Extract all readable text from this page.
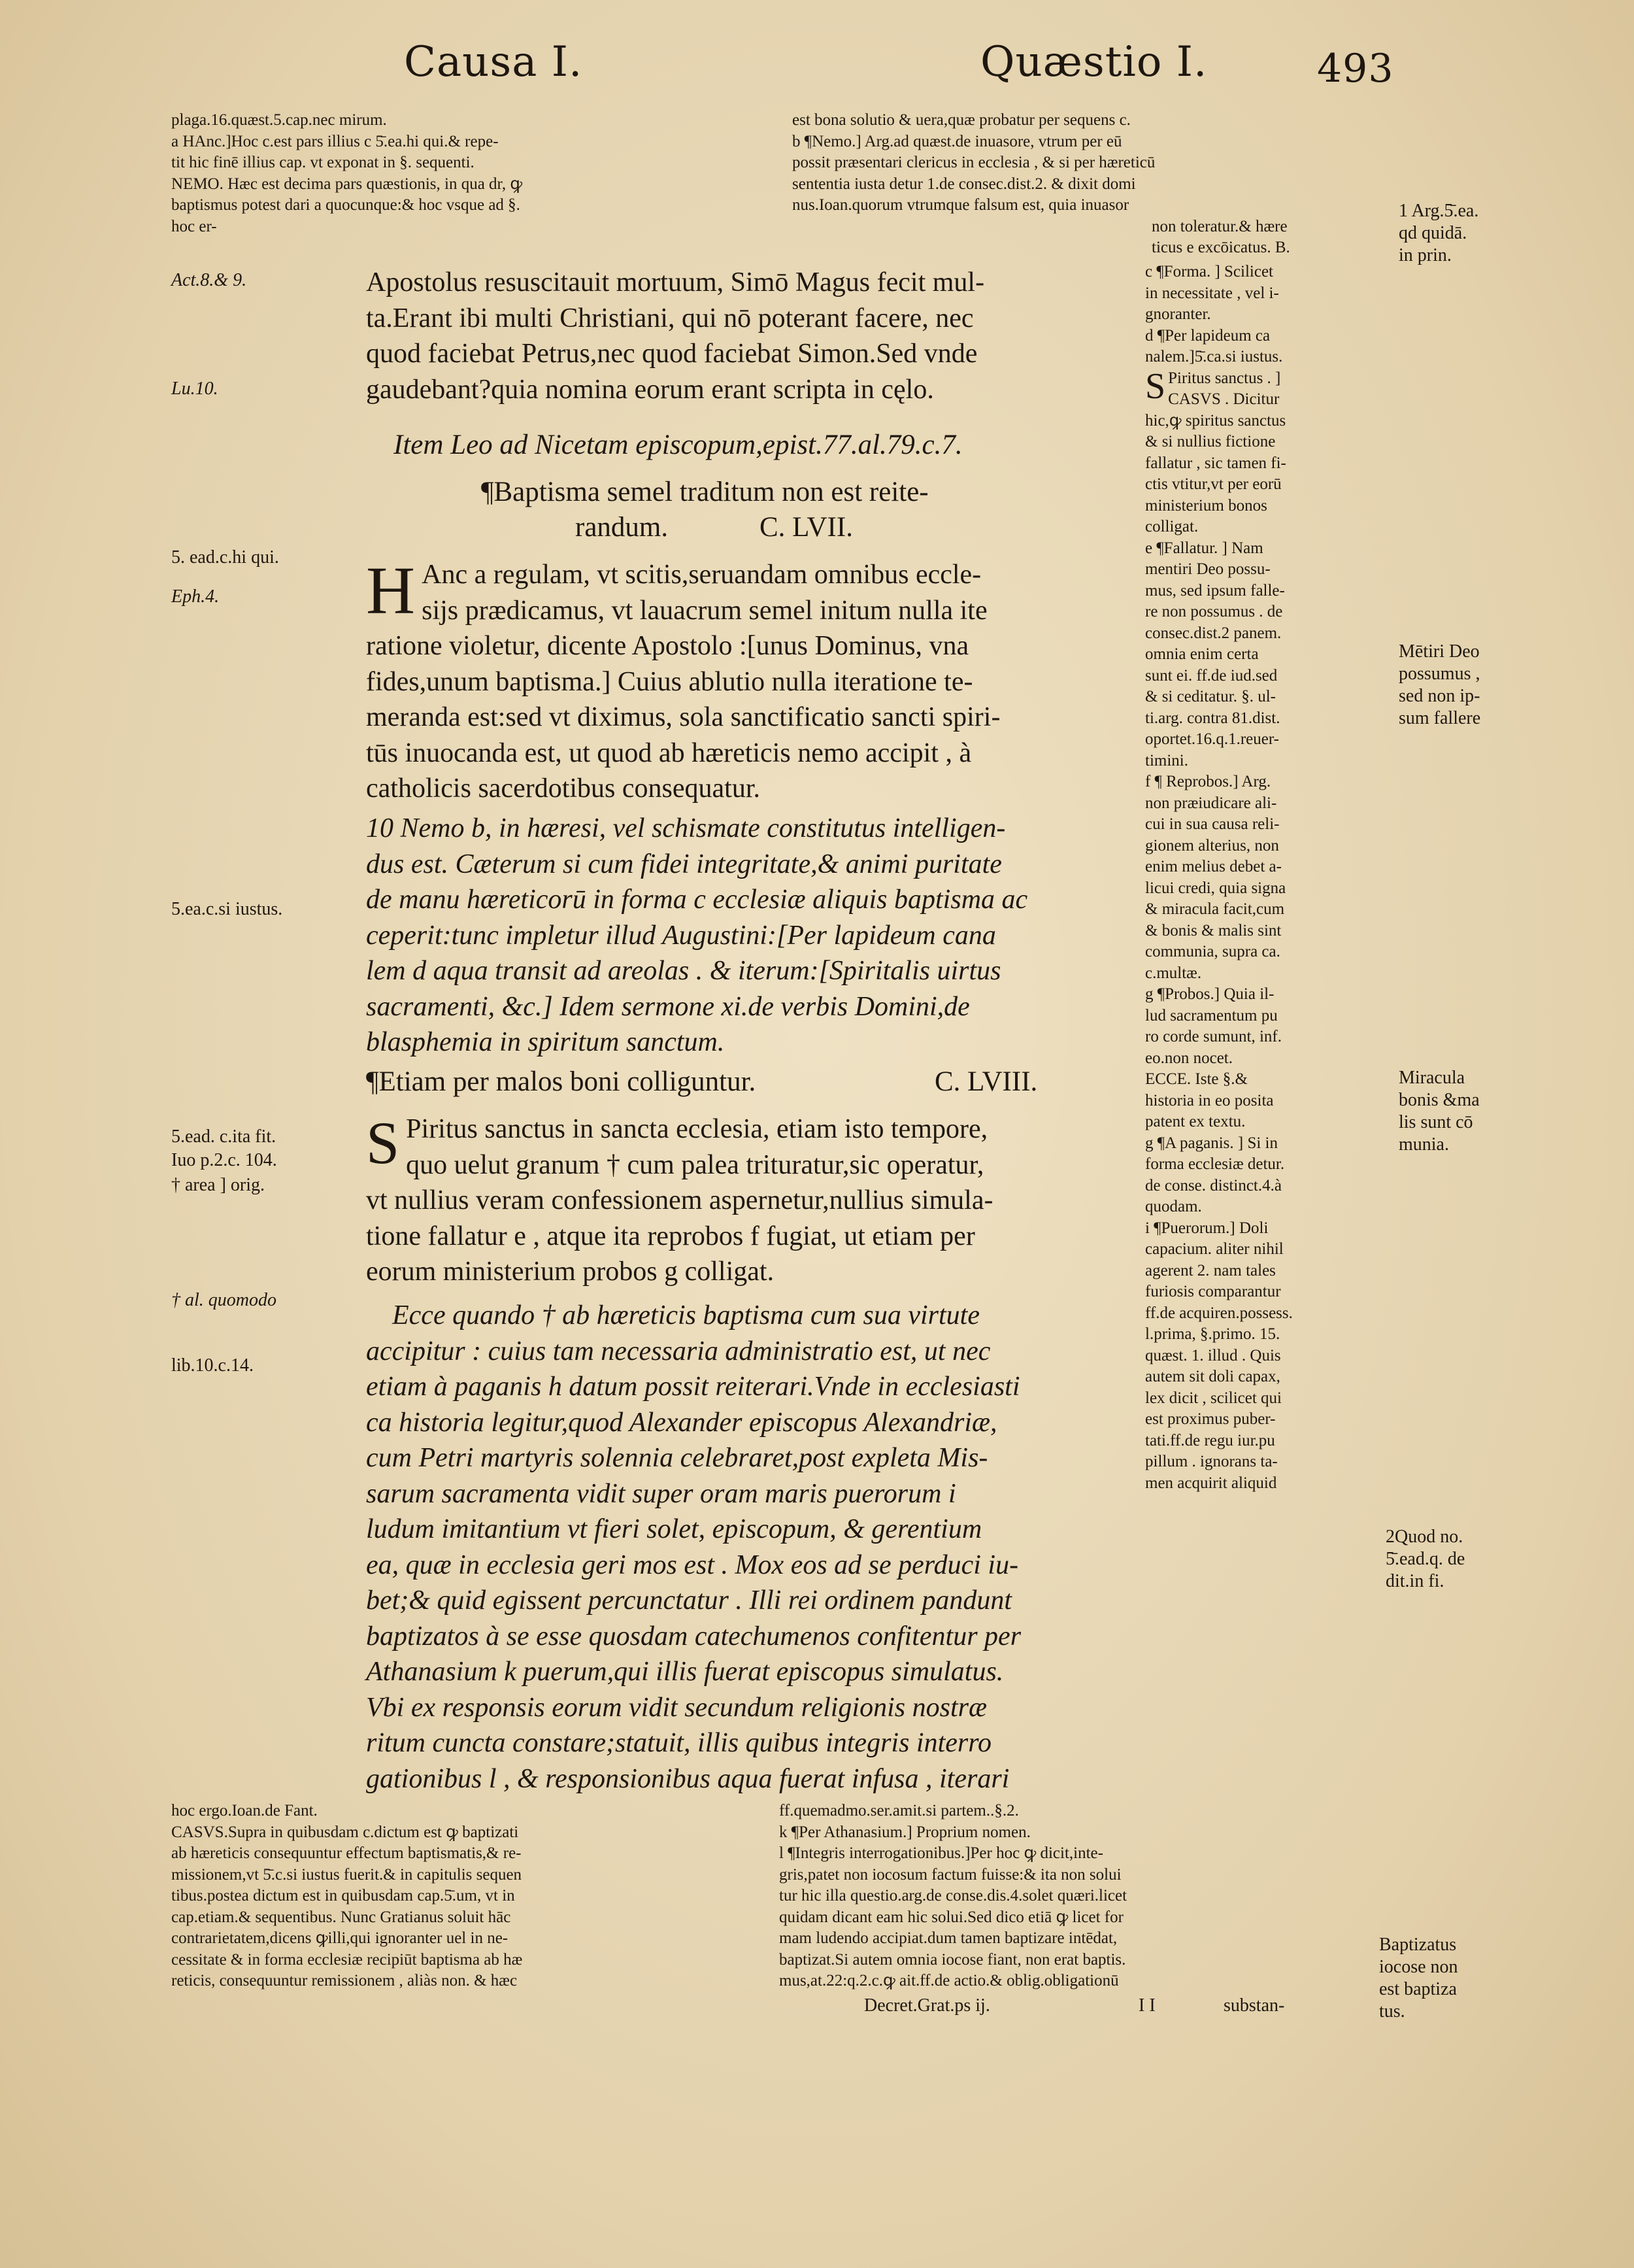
Causa I.	Quæstio I.	493

plaga.16.quæst.5.cap.nec mirum.

a HAnc.]Hoc c.est pars illius c 5̄.ea.hi qui.& repe-

tit hic finē illius cap. vt exponat in §. sequenti.

NEMO. Hæc est decima pars quæstionis, in qua dr, ꝙ

baptismus potest dari a quocunque:& hoc vsque ad §.

hoc er-

est bona solutio & uera,quæ probatur per sequens c.

b ¶Nemo.] Arg.ad quæst.de inuasore, vtrum per eū

possit præsentari clericus in ecclesia , & si per hæreticū

sententia iusta detur 1.de consec.dist.2. & dixit domi

nus.Ioan.quorum vtrumque falsum est, quia inuasor

non toleratur.& hære

ticus e excōicatus. B.

Act.8.& 9.
Lu.10.
5. ead.c.hi qui.
Eph.4.
5.ea.c.si iustus.
5.ead. c.ita fit.
Iuo p.2.c. 104.
† area ] orig.
† al. quomodo
lib.10.c.14.

Apostolus resuscitauit mortuum, Simō Magus fecit mul-

ta.Erant ibi multi Christiani, qui nō poterant facere, nec

quod faciebat Petrus,nec quod faciebat Simon.Sed vnde

gaudebant?quia nomina eorum erant scripta in cęlo.

Item Leo ad Nicetam episcopum,epist.77.al.79.c.7.
¶Baptisma semel traditum non est reite-
randum.	C. LVII.
H Anc a regulam, vt scitis,seruandam omnibus eccle-

sijs prædicamus, vt lauacrum semel initum nulla ite

ratione violetur, dicente Apostolo :[unus Dominus, vna

fides,unum baptisma.] Cuius ablutio nulla iteratione te-

meranda est:sed vt diximus, sola sanctificatio sancti spiri-

tūs inuocanda est, ut quod ab hæreticis nemo accipit , à

catholicis sacerdotibus consequatur.

10 Nemo b, in hæresi, vel schismate constitutus intelligen-

dus est. Cæterum si cum fidei integritate,& animi puritate

de manu hæreticorū in forma c ecclesiæ aliquis baptisma ac

ceperit:tunc impletur illud Augustini:[Per lapideum cana

lem d aqua transit ad areolas . & iterum:[Spiritalis uirtus

sacramenti, &c.] Idem sermone xi.de verbis Domini,de

blasphemia in spiritum sanctum.

¶Etiam per malos boni colliguntur.	C. LVIII.
S Piritus sanctus in sancta ecclesia, etiam isto tempore,

quo uelut granum † cum palea trituratur,sic operatur,

vt nullius veram confessionem aspernetur,nullius simula-

tione fallatur e , atque ita reprobos f fugiat, ut etiam per

eorum ministerium probos g colligat.

Ecce quando † ab hæreticis baptisma cum sua virtute

accipitur : cuius tam necessaria administratio est, ut nec

etiam à paganis h datum possit reiterari.Vnde in ecclesiasti

ca historia legitur,quod Alexander episcopus Alexandriæ,

cum Petri martyris solennia celebraret,post expleta Mis-

sarum sacramenta vidit super oram maris puerorum i

ludum imitantium vt fieri solet, episcopum, & gerentium

ea, quæ in ecclesia geri mos est . Mox eos ad se perduci iu-

bet;& quid egissent percunctatur . Illi rei ordinem pandunt

baptizatos à se esse quosdam catechumenos confitentur per

Athanasium k puerum,qui illis fuerat episcopus simulatus.

Vbi ex responsis eorum vidit secundum religionis nostræ

ritum cuncta constare;statuit, illis quibus integris interro

gationibus l , & responsionibus aqua fuerat infusa , iterari

c ¶Forma. ] Scilicet

in necessitate , vel i-

gnoranter.

d ¶Per lapideum ca

nalem.]5̄.ca.si iustus.

S Piritus sanctus . ]

CASVS . Dicitur

hic,ꝙ spiritus sanctus

& si nullius fictione

fallatur , sic tamen fi-

ctis vtitur,vt per eorū

ministerium bonos

colligat.

e ¶Fallatur. ] Nam

mentiri Deo possu-

mus, sed ipsum falle-

re non possumus . de

consec.dist.2 panem.

omnia enim certa

sunt ei. ff.de iud.sed

& si ceditatur. §. ul-

ti.arg. contra 81.dist.

oportet.16.q.1.reuer-

timini.

f ¶ Reprobos.] Arg.

non præiudicare ali-

cui in sua causa reli-

gionem alterius, non

enim melius debet a-

licui credi, quia signa

& miracula facit,cum

& bonis & malis sint

communia, supra ca.

c.multæ.

g ¶Probos.] Quia il-

lud sacramentum pu

ro corde sumunt, inf.

eo.non nocet.

ECCE. Iste §.&

historia in eo posita

patent ex textu.

g ¶A paganis. ] Si in

forma ecclesiæ detur.

de conse. distinct.4.à

quodam.

i ¶Puerorum.] Doli

capacium. aliter nihil

agerent 2. nam tales

furiosis comparantur

ff.de acquiren.possess.

l.prima, §.primo. 15.

quæst. 1. illud . Quis

autem sit doli capax,

lex dicit , scilicet qui

est proximus puber-

tati.ff.de regu iur.pu

pillum . ignorans ta-

men acquirit aliquid

1 Arg.5̄.ea.

qd quidā.

in prin.

Mētiri Deo

possumus ,

sed non ip-

sum fallere

Miracula

bonis &ma

lis sunt cō

munia.

2Quod no.

5̄.ead.q. de

dit.in fi.

Baptizatus

iocose non

est baptiza

tus.

hoc ergo.Ioan.de Fant.

CASVS.Supra in quibusdam c.dictum est ꝙ baptizati

ab hæreticis consequuntur effectum baptismatis,& re-

missionem,vt 5̄.c.si iustus fuerit.& in capitulis sequen

tibus.postea dictum est in quibusdam cap.5̄.um, vt in

cap.etiam.& sequentibus. Nunc Gratianus soluit hāc

contrarietatem,dicens ꝙilli,qui ignoranter uel in ne-

cessitate & in forma ecclesiæ recipiūt baptisma ab hæ

reticis, consequuntur remissionem , aliàs non. & hæc

ff.quemadmo.ser.amit.si partem..§.2.

k ¶Per Athanasium.] Proprium nomen.

l ¶Integris interrogationibus.]Per hoc ꝙ dicit,inte-

gris,patet non iocosum factum fuisse:& ita non solui

tur hic illa questio.arg.de conse.dis.4.solet quæri.licet

quidam dicant eam hic solui.Sed dico etiā ꝙ licet for

mam ludendo accipiat.dum tamen baptizare intēdat,

baptizat.Si autem omnia iocose fiant, non erat baptis.

mus,at.22:q.2.c.ꝙ ait.ff.de actio.& oblig.obligationū

Decret.Grat.ps ij.	I I	substan-
